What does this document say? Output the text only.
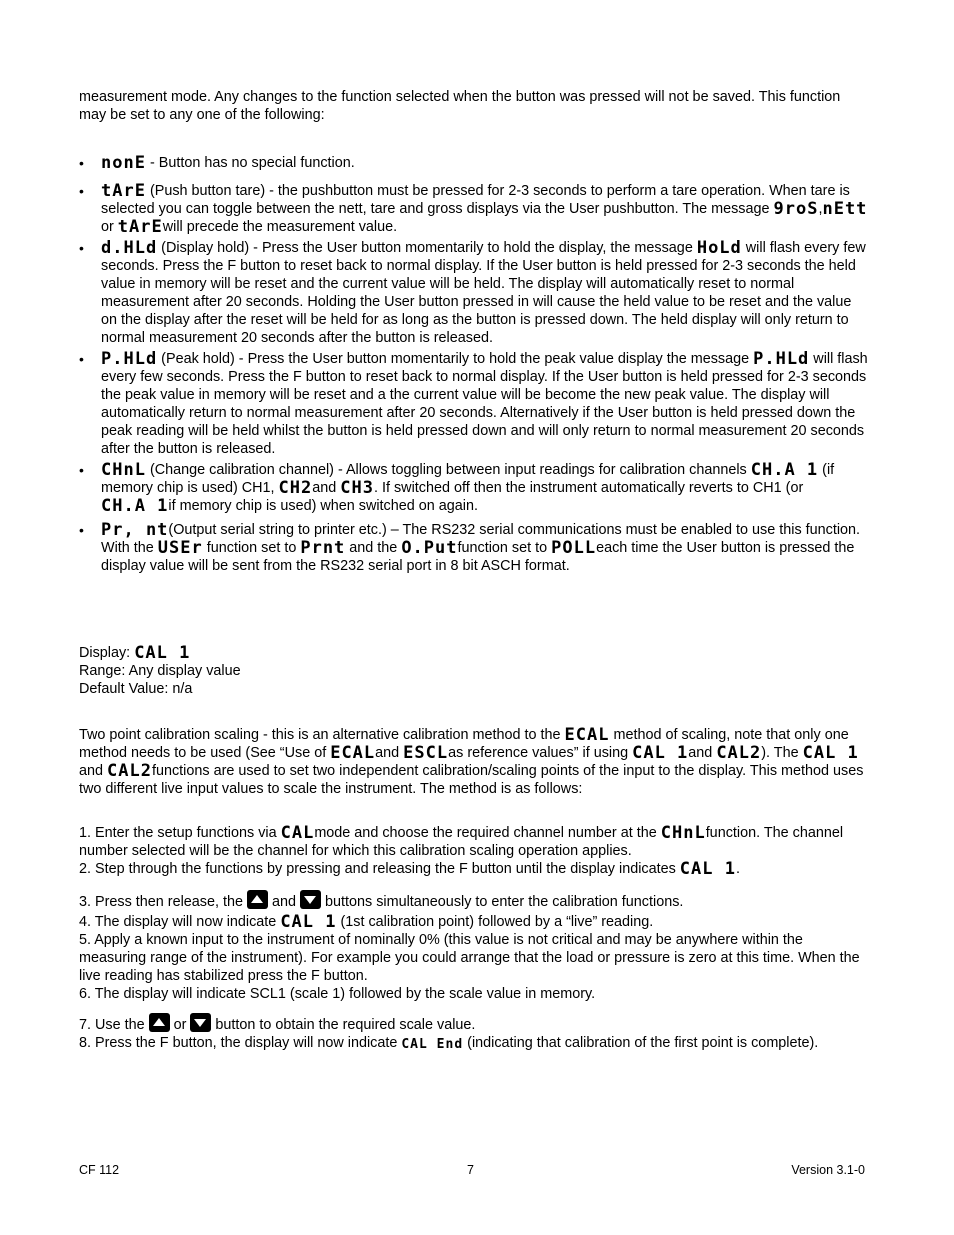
measurement mode. Any changes to the function selected when the button was pressed will not be saved. This function may be set to any one of the following:

• nonE - Button has no special function.
• tArE (Push button tare) - the pushbutton must be pressed for 2-3 seconds to perform a tare operation. When tare is selected you can toggle between the nett, tare and gross displays via the User pushbutton. The message 9roS,nEttor tArEwill precede the measurement value.
• d.HLd (Display hold) - Press the User button momentarily to hold the display, the message HoLd will flash every few seconds. Press the F button to reset back to normal display. If the User button is held pressed for 2-3 seconds the held value in memory will be reset and the current value will be held. The display will automatically reset to normal measurement after 20 seconds. Holding the User button pressed in will cause the held value to be reset and the value on the display after the reset will be held for as long as the button is pressed down. The held display will only return to normal measurement 20 seconds after the button is released.
• P.HLd (Peak hold) - Press the User button momentarily to hold the peak value display the message P.HLd will flash every few seconds. Press the F button to reset back to normal display. If the User button is held pressed for 2-3 seconds the peak value in memory will be reset and a the current value will be become the new peak value. The display will automatically return to normal measurement after 20 seconds. Alternatively if the User button is held pressed down the peak reading will be held whilst the button is held pressed down and will only return to normal measurement 20 seconds after the button is released.
• CHnL (Change calibration channel) - Allows toggling between input readings for calibration channels CH.A 1 (if memory chip is used) CH1, CH2and CH3. If switched off then the instrument automatically reverts to CH1 (or CH.A 1if memory chip is used) when switched on again.
• Pr, nt(Output serial string to printer etc.) – The RS232 serial communications must be enabled to use this function. With the USEr function set to Prnt and the O.Putfunction set to POLLeach time the User button is pressed the display value will be sent from the RS232 serial port in 8 bit ASCH format.

Display: CAL 1

Range: Any display value

Default Value: n/a

Two point calibration scaling - this is an alternative calibration method to the ECAL method of scaling, note that only one method needs to be used (See “Use of ECALand ESCLas reference values” if using CAL 1and CAL2). The CAL 1and CAL2functions are used to set two independent calibration/scaling points of the input to the display. This method uses two different live input values to scale the instrument. The method is as follows:

1. Enter the setup functions via CALmode and choose the required channel number at the CHnLfunction. The channel number selected will be the channel for which this calibration scaling operation applies.

2. Step through the functions by pressing and releasing the F button until the display indicates CAL 1.

3. Press then release, the  and  buttons simultaneously to enter the calibration functions.

4. The display will now indicate CAL 1 (1st calibration point) followed by a “live” reading.

5. Apply a known input to the instrument of nominally 0% (this value is not critical and may be anywhere within the measuring range of the instrument). For example you could arrange that the load or pressure is zero at this time. When the live reading has stabilized press the F button.

6. The display will indicate SCL1 (scale 1) followed by the scale value in memory.

7. Use the  or  button to obtain the required scale value.

8. Press the F button, the display will now indicate CAL End (indicating that calibration of the first point is complete).

CF 112	7	Version 3.1-0
